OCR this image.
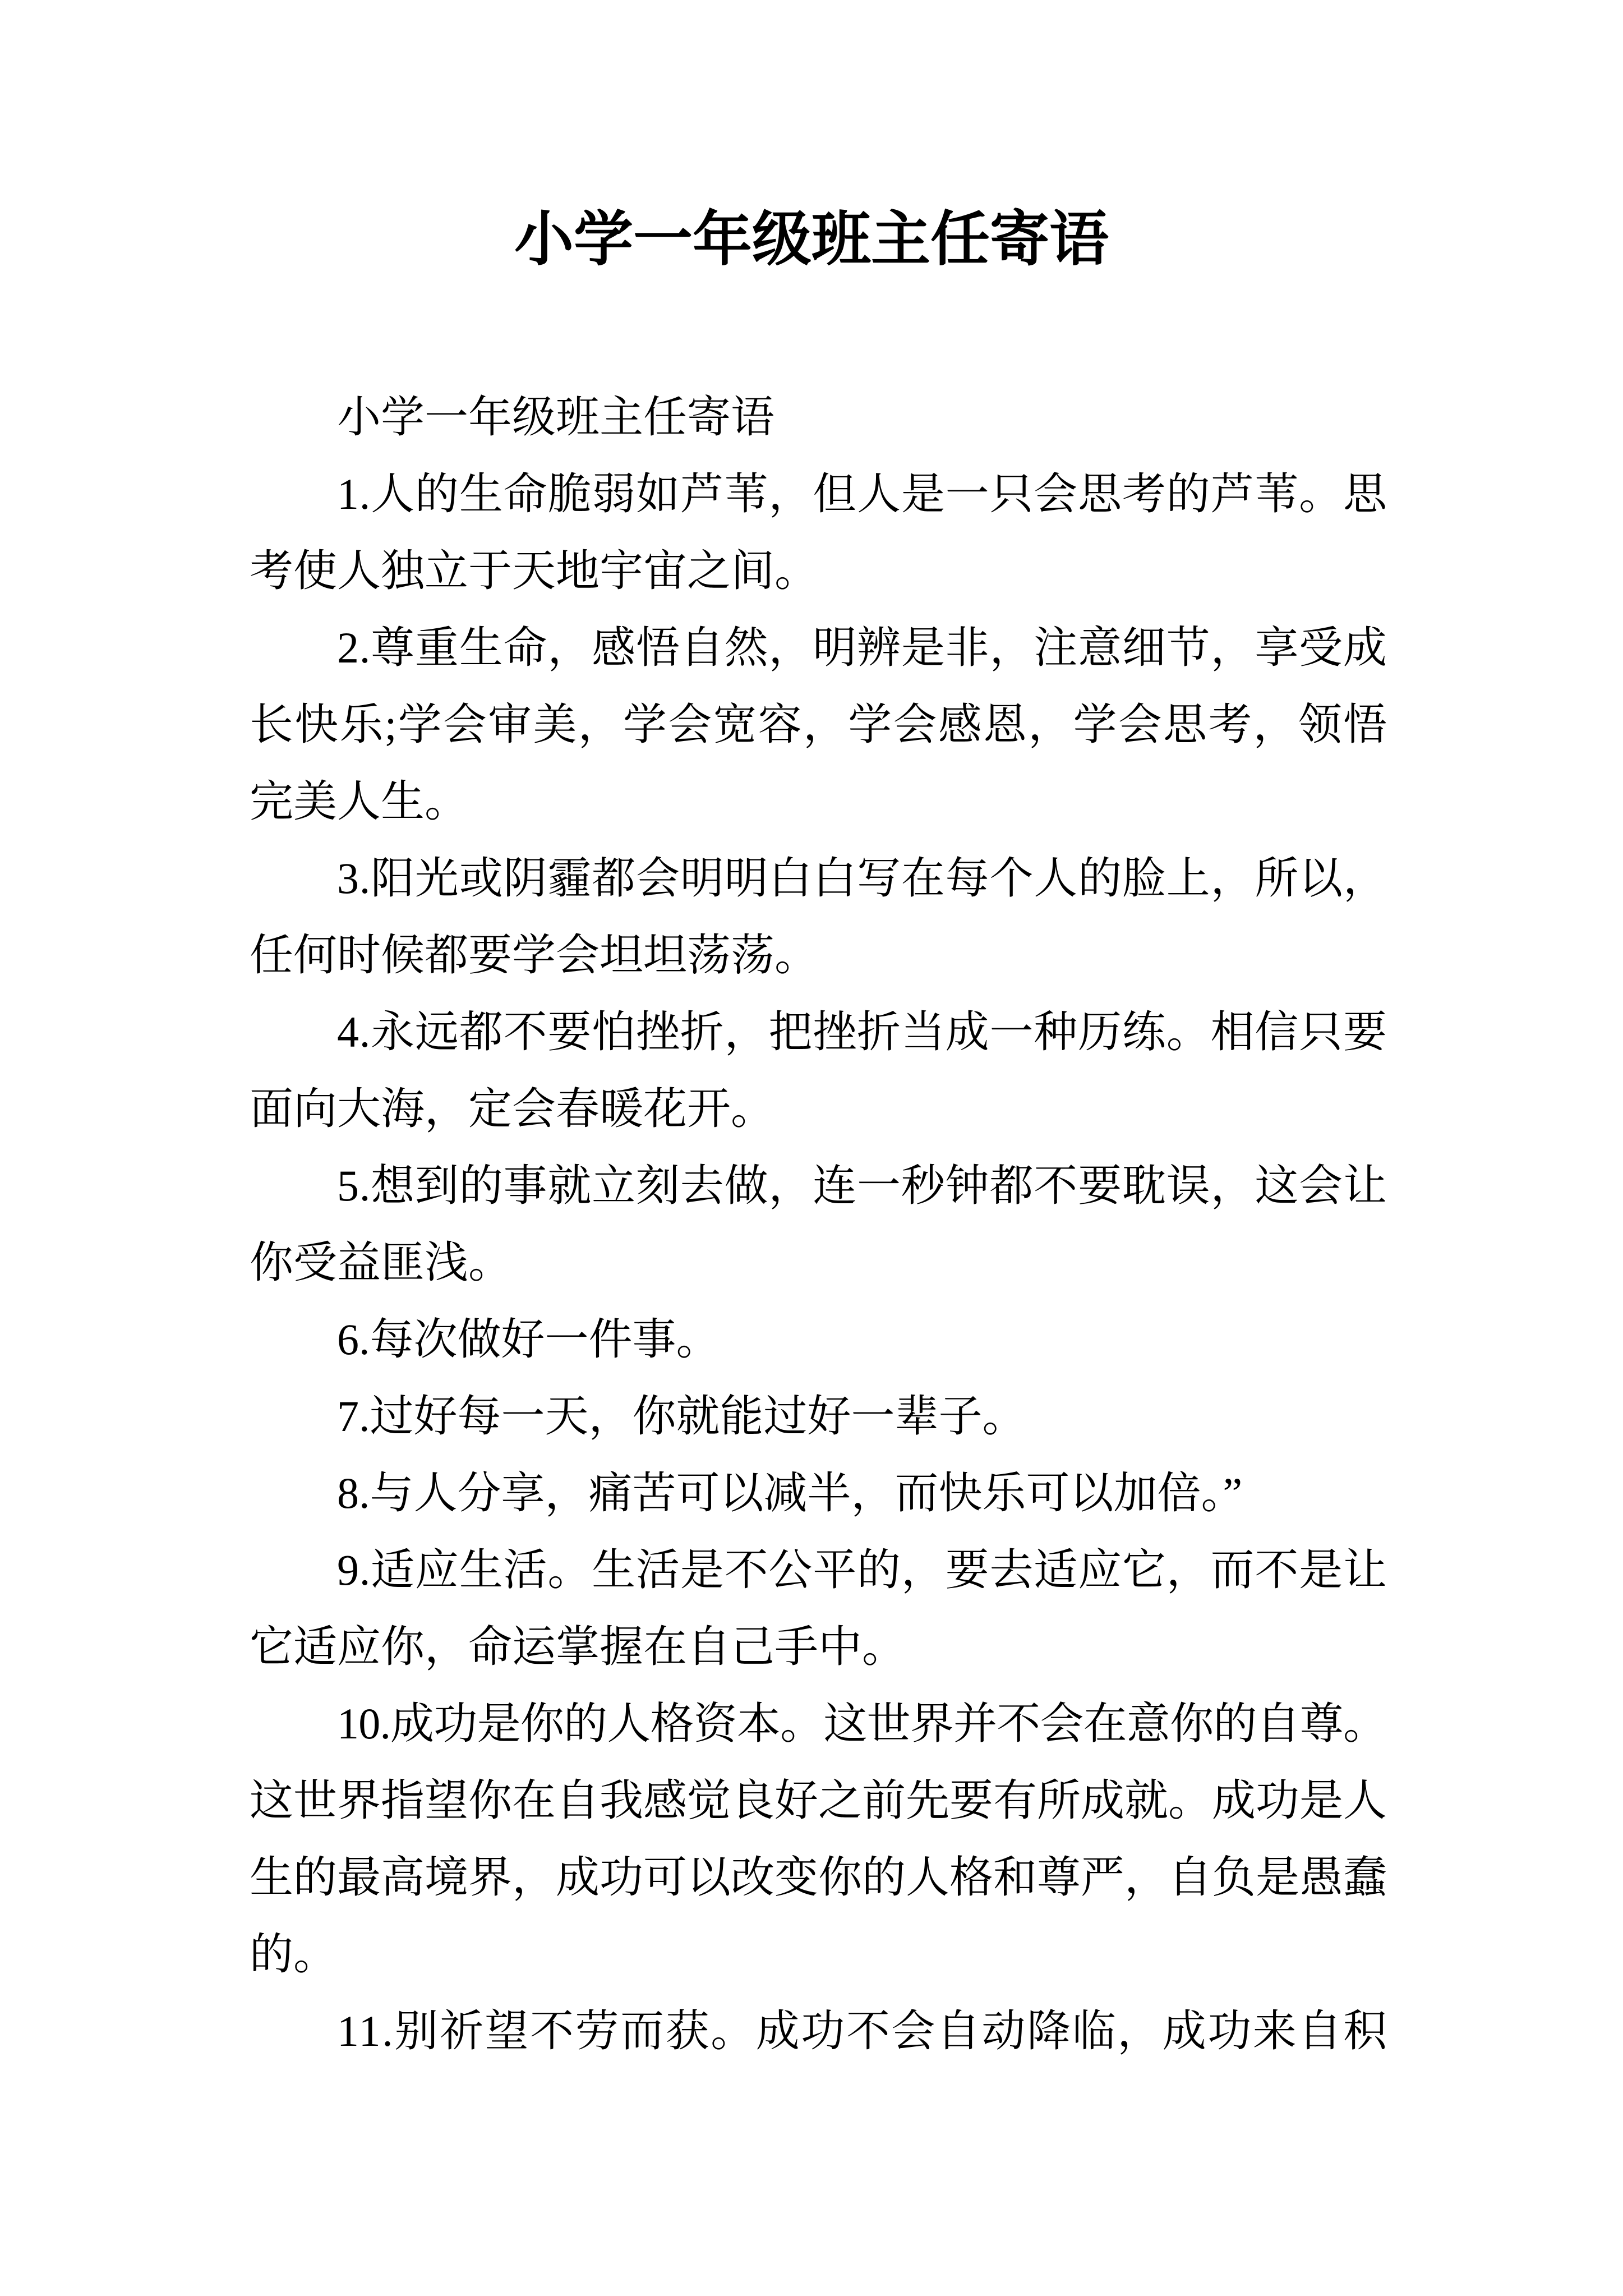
小学一年级班主任寄语
小学一年级班主任寄语
1.人的生命脆弱如芦苇，但人是一只会思考的芦苇。思
考使人独立于天地宇宙之间。
2.尊重生命，感悟自然，明辨是非，注意细节，享受成
长快乐;学会审美，学会宽容，学会感恩，学会思考，领悟
完美人生。
3.阳光或阴霾都会明明白白写在每个人的脸上，所以，
任何时候都要学会坦坦荡荡。
4.永远都不要怕挫折，把挫折当成一种历练。相信只要
面向大海，定会春暖花开。
5.想到的事就立刻去做，连一秒钟都不要耽误，这会让
你受益匪浅。
6.每次做好一件事。
7.过好每一天，你就能过好一辈子。
8.与人分享，痛苦可以减半，而快乐可以加倍。”
9.适应生活。生活是不公平的，要去适应它，而不是让
它适应你，命运掌握在自己手中。
10.成功是你的人格资本。这世界并不会在意你的自尊。
这世界指望你在自我感觉良好之前先要有所成就。成功是人
生的最高境界，成功可以改变你的人格和尊严，自负是愚蠢
的。
11.别祈望不劳而获。成功不会自动降临，成功来自积
